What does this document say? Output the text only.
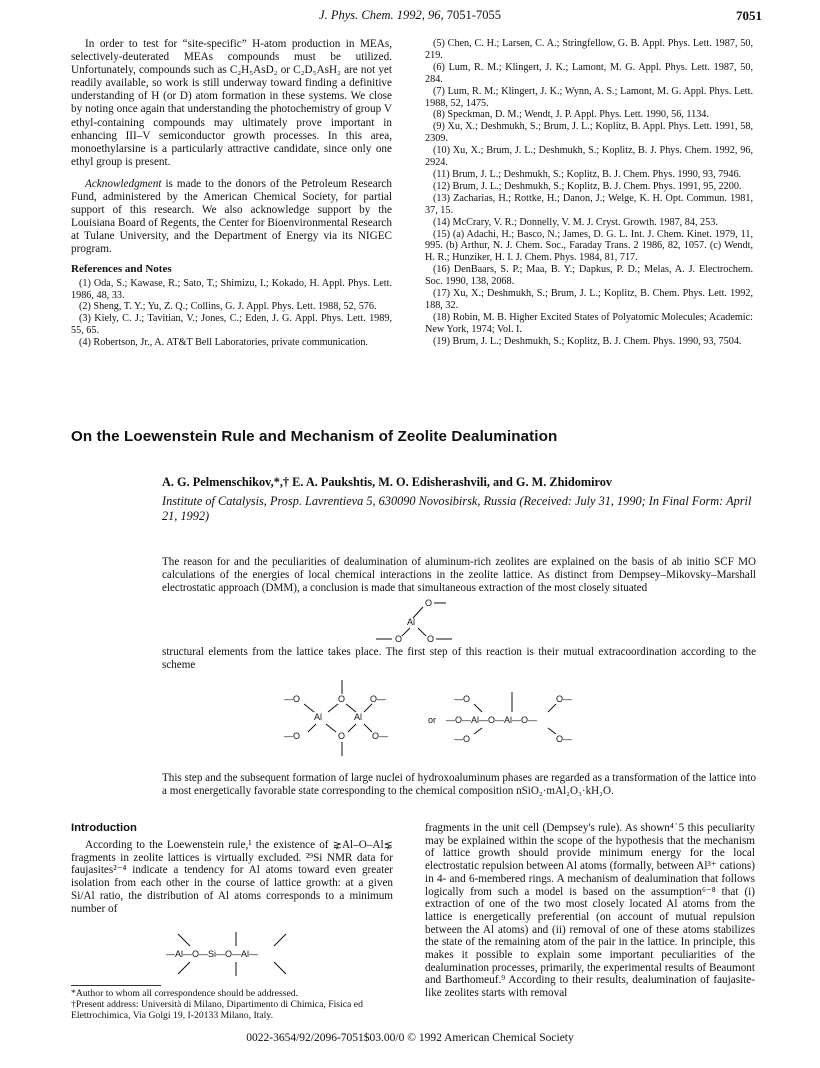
J. Phys. Chem. 1992, 96, 7051-7055	7051

In order to test for “site-specific” H-atom production in MEAs, selectively-deuterated MEAs compounds must be utilized. Unfortunately, compounds such as C₂H₅AsD₂ or C₂D₅AsH₂ are not yet readily available, so work is still underway toward finding a definitive understanding of H (or D) atom formation in these systems. We close by noting once again that understanding the photochemistry of group V ethyl-containing compounds may ultimately prove important in enhancing III–V semiconductor growth processes. In this area, monoethylarsine is a particularly attractive candidate, since only one ethyl group is present.

Acknowledgment is made to the donors of the Petroleum Research Fund, administered by the American Chemical Society, for partial support of this research. We also acknowledge support by the Louisiana Board of Regents, the Center for Bioenvironmental Research at Tulane University, and the Department of Energy via its NIGEC program.

References and Notes
(1) Oda, S.; Kawase, R.; Sato, T.; Shimizu, I.; Kokado, H. Appl. Phys. Lett. 1986, 48, 33.
(2) Sheng, T. Y.; Yu, Z. Q.; Collins, G. J. Appl. Phys. Lett. 1988, 52, 576.
(3) Kiely, C. J.; Tavitian, V.; Jones, C.; Eden, J. G. Appl. Phys. Lett. 1989, 55, 65.
(4) Robertson, Jr., A. AT&T Bell Laboratories, private communication.
(5) Chen, C. H.; Larsen, C. A.; Stringfellow, G. B. Appl. Phys. Lett. 1987, 50, 219.
(6) Lum, R. M.; Klingert, J. K.; Lamont, M. G. Appl. Phys. Lett. 1987, 50, 284.
(7) Lum, R. M.; Klingert, J. K.; Wynn, A. S.; Lamont, M. G. Appl. Phys. Lett. 1988, 52, 1475.
(8) Speckman, D. M.; Wendt, J. P. Appl. Phys. Lett. 1990, 56, 1134.
(9) Xu, X.; Deshmukh, S.; Brum, J. L.; Koplitz, B. Appl. Phys. Lett. 1991, 58, 2309.
(10) Xu, X.; Brum, J. L.; Deshmukh, S.; Koplitz, B. J. Phys. Chem. 1992, 96, 2924.
(11) Brum, J. L.; Deshmukh, S.; Koplitz, B. J. Chem. Phys. 1990, 93, 7946.
(12) Brum, J. L.; Deshmukh, S.; Koplitz, B. J. Chem. Phys. 1991, 95, 2200.
(13) Zacharias, H.; Rottke, H.; Danon, J.; Welge, K. H. Opt. Commun. 1981, 37, 15.
(14) McCrary, V. R.; Donnelly, V. M. J. Cryst. Growth. 1987, 84, 253.
(15) (a) Adachi, H.; Basco, N.; James, D. G. L. Int. J. Chem. Kinet. 1979, 11, 995. (b) Arthur, N. J. Chem. Soc., Faraday Trans. 2 1986, 82, 1057. (c) Wendt, H. R.; Hunziker, H. I. J. Chem. Phys. 1984, 81, 717.
(16) DenBaars, S. P.; Maa, B. Y.; Dapkus, P. D.; Melas, A. J. Electrochem. Soc. 1990, 138, 2068.
(17) Xu, X.; Deshmukh, S.; Brum, J. L.; Koplitz, B. Chem. Phys. Lett. 1992, 188, 32.
(18) Robin, M. B. Higher Excited States of Polyatomic Molecules; Academic: New York, 1974; Vol. I.
(19) Brum, J. L.; Deshmukh, S.; Koplitz, B. J. Chem. Phys. 1990, 93, 7504.
On the Loewenstein Rule and Mechanism of Zeolite Dealumination
A. G. Pelmenschikov,*,† E. A. Paukshtis, M. O. Edisherashvili, and G. M. Zhidomirov
Institute of Catalysis, Prosp. Lavrentieva 5, 630090 Novosibirsk, Russia (Received: July 31, 1990; In Final Form: April 21, 1992)
The reason for and the peculiarities of dealumination of aluminum-rich zeolites are explained on the basis of ab initio SCF MO calculations of the energies of local chemical interactions in the zeolite lattice. As distinct from Dempsey–Mikovsky–Marshall electrostatic approach (DMM), a conclusion is made that simultaneous extraction of the most closely situated
O
Al
O	O
structural elements from the lattice takes place. The first step of this reaction is their mutual extracoordination according to the scheme
—O	O	O—
Al	Al
—O	O	O—
or
—O	O—
—O—Al—O—Al—O—
—O	O—
This step and the subsequent formation of large nuclei of hydroxoaluminum phases are regarded as a transformation of the lattice into a most energetically favorable state corresponding to the chemical composition nSiO₂·mAl₂O₃·kH₂O.
Introduction

According to the Loewenstein rule,¹ the existence of ⋧Al–O–Al⋦ fragments in zeolite lattices is virtually excluded. ²⁹Si NMR data for faujasites²⁻⁴ indicate a tendency for Al atoms toward even greater isolation from each other in the course of lattice growth: at a given Si/Al ratio, the distribution of Al atoms corresponds to a minimum number of

—Al—O—Si—O—Al—

fragments in the unit cell (Dempsey's rule). As shown⁴˙5 this peculiarity may be explained within the scope of the hypothesis that the mechanism of lattice growth should provide minimum energy for the local electrostatic repulsion between Al atoms (formally, between Al³⁺ cations) in 4- and 6-membered rings. A mechanism of dealumination that follows logically from such a model is based on the assumption⁶⁻⁸ that (i) extraction of one of the two most closely located Al atoms from the lattice is energetically preferential (on account of mutual repulsion between the Al atoms) and (ii) removal of one of these atoms stabilizes the state of the remaining atom of the pair in the lattice. In principle, this makes it possible to explain some important peculiarities of the dealumination processes, primarily, the experimental results of Beaumont and Barthomeuf.⁹ According to their results, dealumination of faujasite-like zeolites starts with removal

*Author to whom all correspondence should be addressed.
†Present address: Università di Milano, Dipartimento di Chimica, Fisica ed Elettrochimica, Via Golgi 19, I-20133 Milano, Italy.
0022-3654/92/2096-7051$03.00/0 © 1992 American Chemical Society
